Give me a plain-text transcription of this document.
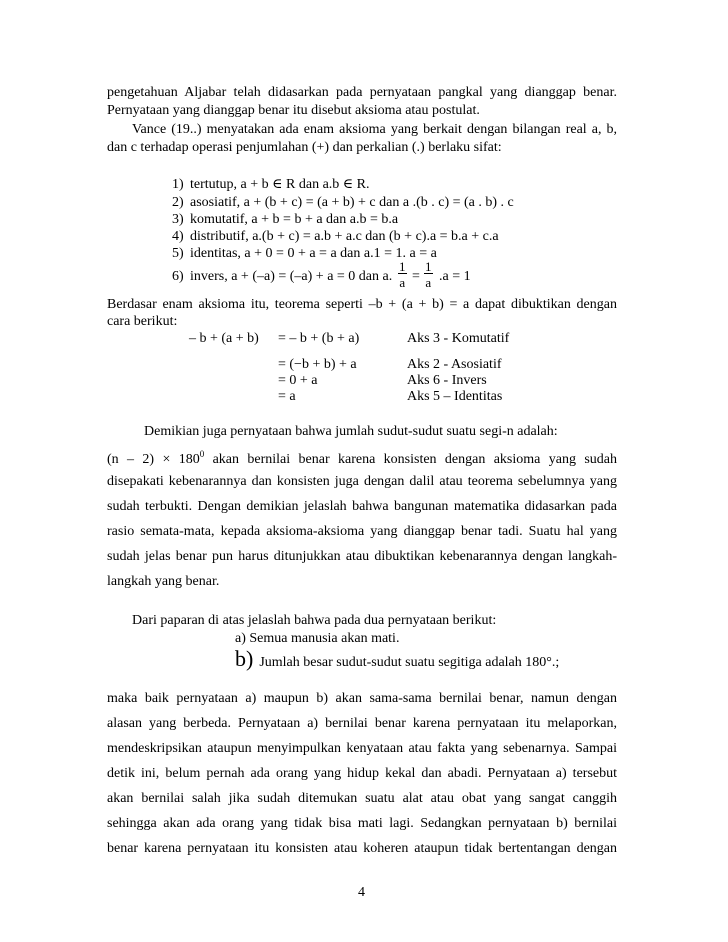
pengetahuan Aljabar telah didasarkan pada pernyataan pangkal yang dianggap benar.
Pernyataan yang dianggap benar itu disebut aksioma atau postulat.
Vance (19..) menyatakan ada enam aksioma yang berkait dengan bilangan real a, b,
dan c terhadap operasi penjumlahan (+) dan perkalian (.) berlaku sifat:
1) tertutup, a + b ∈ R dan a.b ∈ R.
2) asosiatif, a + (b + c) = (a + b) + c dan a .(b . c) = (a . b) . c
3) komutatif, a + b = b + a dan a.b = b.a
4) distributif, a.(b + c) = a.b + a.c dan (b + c).a = b.a + c.a
5) identitas, a + 0 = 0 + a = a dan a.1 = 1. a = a
6) invers, a + (–a) = (–a) + a = 0 dan a. $\frac{1}{a} = \frac{1}{a} .a = 1$
Berdasar enam aksioma itu, teorema seperti –b + (a + b) = a dapat dibuktikan dengan
cara berikut:
– b + (a + b) = – b + (b + a)	Aks 3 - Komutatif
= (−b + b) + a	Aks 2 - Asosiatif
= 0 + a	Aks 6 - Invers
= a	Aks 5 – Identitas
Demikian juga pernyataan bahwa jumlah sudut-sudut suatu segi-n adalah:
$(n - 2) \times 180^0$ akan bernilai benar karena konsisten dengan aksioma yang sudah
disepakati kebenarannya dan konsisten juga dengan dalil atau teorema sebelumnya yang
sudah terbukti. Dengan demikian jelaslah bahwa bangunan matematika didasarkan pada
rasio semata-mata, kepada aksioma-aksioma yang dianggap benar tadi. Suatu hal yang
sudah jelas benar pun harus ditunjukkan atau dibuktikan kebenarannya dengan langkah-
langkah yang benar.
Dari paparan di atas jelaslah bahwa pada dua pernyataan berikut:
a) Semua manusia akan mati.
b) Jumlah besar sudut-sudut suatu segitiga adalah 180°.;
maka baik pernyataan a) maupun b) akan sama-sama bernilai benar, namun dengan
alasan yang berbeda. Pernyataan a) bernilai benar karena pernyataan itu melaporkan,
mendeskripsikan ataupun menyimpulkan kenyataan atau fakta yang sebenarnya. Sampai
detik ini, belum pernah ada orang yang hidup kekal dan abadi. Pernyataan a) tersebut
akan bernilai salah jika sudah ditemukan suatu alat atau obat yang sangat canggih
sehingga akan ada orang yang tidak bisa mati lagi. Sedangkan pernyataan b) bernilai
benar karena pernyataan itu konsisten atau koheren ataupun tidak bertentangan dengan
4
